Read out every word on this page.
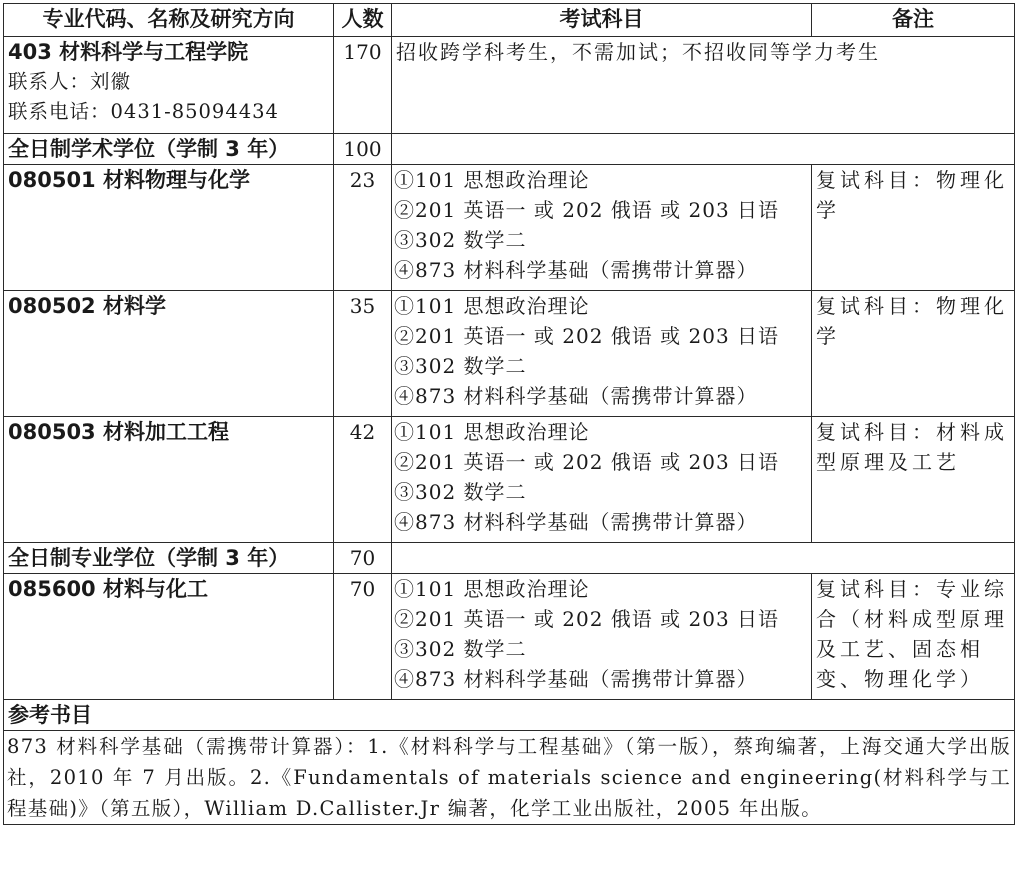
专业代码、名称及研究方向	人数	考试科目	备注

403 材料科学与工程学院
联系人：刘徽
联系电话：0431-85094434	170	招收跨学科考生，不需加试；不招收同等学力考生	
全日制学术学位（学制 3 年）	100		
080501 材料物理与化学	23	①101 思想政治理论
②201 英语一 或 202 俄语 或 203 日语
③302 数学二
④873 材料科学基础（需携带计算器）	复试科目：物理化学
080502 材料学	35	①101 思想政治理论
②201 英语一 或 202 俄语 或 203 日语
③302 数学二
④873 材料科学基础（需携带计算器）	复试科目：物理化学
080503 材料加工工程	42	①101 思想政治理论
②201 英语一 或 202 俄语 或 203 日语
③302 数学二
④873 材料科学基础（需携带计算器）	复试科目：材料成型原理及工艺
全日制专业学位（学制 3 年）	70		
085600 材料与化工	70	①101 思想政治理论
②201 英语一 或 202 俄语 或 203 日语
③302 数学二
④873 材料科学基础（需携带计算器）	复试科目：专业综合（材料成型原理及工艺、固态相变、物理化学）
参考书目			
873 材料科学基础（需携带计算器）：1.《材料科学与工程基础》（第一版），蔡珣编著，上海交通大学出版社，2010 年 7 月出版。2.《Fundamentals of materials science and engineering(材料科学与工程基础)》（第五版），William D.Callister.Jr 编著，化学工业出版社，2005 年出版。			
